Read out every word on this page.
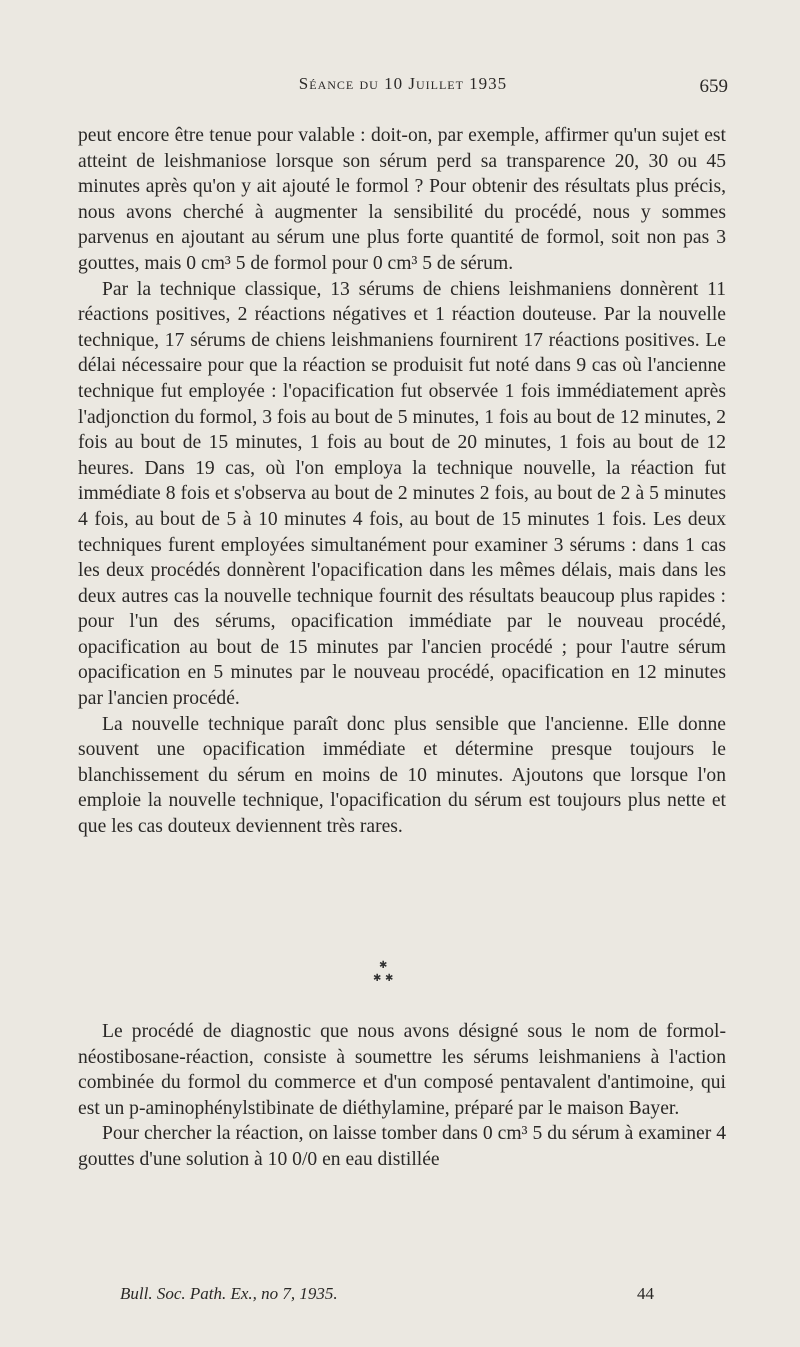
Séance du 10 Juillet 1935	659

peut encore être tenue pour valable : doit-on, par exemple, affirmer qu'un sujet est atteint de leishmaniose lorsque son sérum perd sa transparence 20, 30 ou 45 minutes après qu'on y ait ajouté le formol ? Pour obtenir des résultats plus précis, nous avons cherché à augmenter la sensibilité du procédé, nous y sommes parvenus en ajoutant au sérum une plus forte quantité de formol, soit non pas 3 gouttes, mais 0 cm³ 5 de formol pour 0 cm³ 5 de sérum.

Par la technique classique, 13 sérums de chiens leishmaniens donnèrent 11 réactions positives, 2 réactions négatives et 1 réaction douteuse. Par la nouvelle technique, 17 sérums de chiens leishmaniens fournirent 17 réactions positives. Le délai nécessaire pour que la réaction se produisit fut noté dans 9 cas où l'ancienne technique fut employée : l'opacification fut observée 1 fois immédiatement après l'adjonction du formol, 3 fois au bout de 5 minutes, 1 fois au bout de 12 minutes, 2 fois au bout de 15 minutes, 1 fois au bout de 20 minutes, 1 fois au bout de 12 heures. Dans 19 cas, où l'on employa la technique nouvelle, la réaction fut immédiate 8 fois et s'observa au bout de 2 minutes 2 fois, au bout de 2 à 5 minutes 4 fois, au bout de 5 à 10 minutes 4 fois, au bout de 15 minutes 1 fois. Les deux techniques furent employées simultanément pour examiner 3 sérums : dans 1 cas les deux procédés donnèrent l'opacification dans les mêmes délais, mais dans les deux autres cas la nouvelle technique fournit des résultats beaucoup plus rapides : pour l'un des sérums, opacification immédiate par le nouveau procédé, opacification au bout de 15 minutes par l'ancien procédé ; pour l'autre sérum opacification en 5 minutes par le nouveau procédé, opacification en 12 minutes par l'ancien procédé.

La nouvelle technique paraît donc plus sensible que l'ancienne. Elle donne souvent une opacification immédiate et détermine presque toujours le blanchissement du sérum en moins de 10 minutes. Ajoutons que lorsque l'on emploie la nouvelle technique, l'opacification du sérum est toujours plus nette et que les cas douteux deviennent très rares.

✱
✱ ✱

Le procédé de diagnostic que nous avons désigné sous le nom de formol-néostibosane-réaction, consiste à soumettre les sérums leishmaniens à l'action combinée du formol du commerce et d'un composé pentavalent d'antimoine, qui est un p-aminophénylstibinate de diéthylamine, préparé par le maison Bayer.

Pour chercher la réaction, on laisse tomber dans 0 cm³ 5 du sérum à examiner 4 gouttes d'une solution à 10 0/0 en eau distillée

Bull. Soc. Path. Ex., no 7, 1935.	44
